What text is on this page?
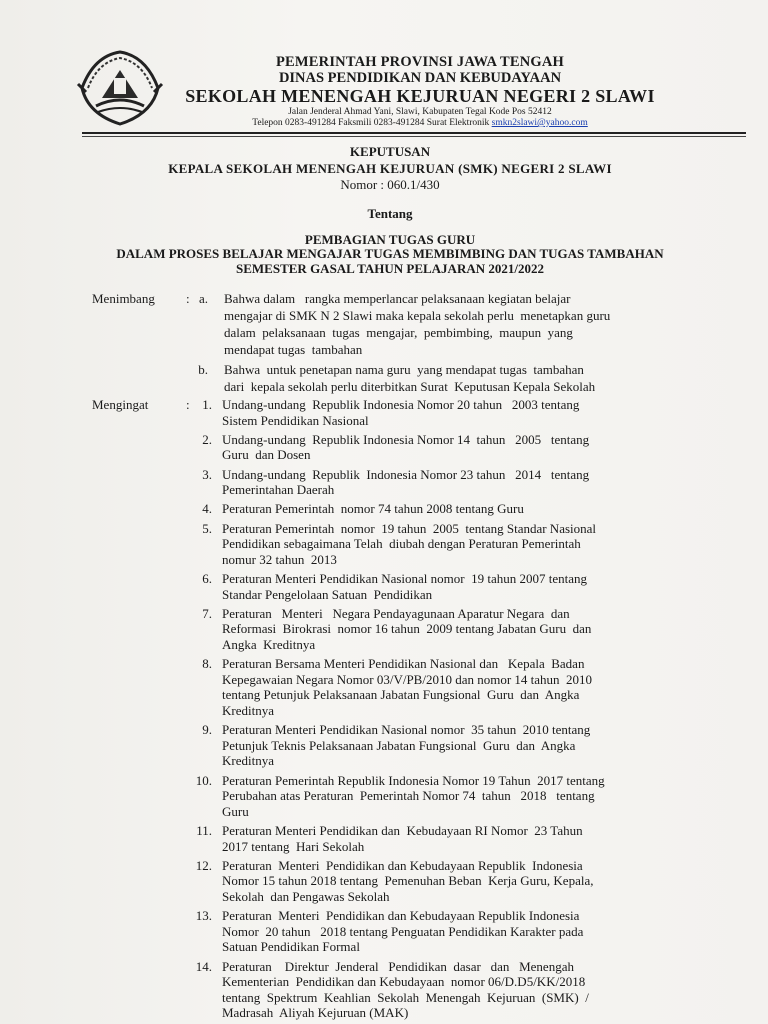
PEMERINTAH PROVINSI JAWA TENGAH
DINAS PENDIDIKAN DAN KEBUDAYAAN
SEKOLAH MENENGAH KEJURUAN NEGERI 2 SLAWI
Jalan Jenderal Ahmad Yani, Slawi, Kabupaten Tegal Kode Pos 52412
Telepon 0283-491284 Faksmili 0283-491284 Surat Elektronik smkn2slawi@yahoo.com
KEPUTUSAN
KEPALA SEKOLAH MENENGAH KEJURUAN (SMK) NEGERI 2 SLAWI
Nomor : 060.1/430
Tentang
PEMBAGIAN TUGAS GURU
DALAM PROSES BELAJAR MENGAJAR TUGAS MEMBIMBING DAN TUGAS TAMBAHAN
SEMESTER GASAL TAHUN PELAJARAN 2021/2022
Menimbang : a. Bahwa dalam   rangka memperlancar pelaksanaan kegiatan belajar
mengajar di SMK N 2 Slawi maka kepala sekolah perlu  menetapkan guru
dalam  pelaksanaan  tugas  mengajar,  pembimbing,  maupun  yang
mendapat tugas  tambahan
b. Bahwa  untuk penetapan nama guru  yang mendapat tugas  tambahan
dari  kepala sekolah perlu diterbitkan Surat  Keputusan Kepala Sekolah
Mengingat	: 1. Undang-undang  Republik Indonesia Nomor 20 tahun   2003 tentang
Sistem Pendidikan Nasional
2. Undang-undang  Republik Indonesia Nomor 14  tahun   2005   tentang
Guru  dan Dosen
3. Undang-undang  Republik  Indonesia Nomor 23 tahun   2014   tentang
Pemerintahan Daerah
4. Peraturan Pemerintah  nomor 74 tahun 2008 tentang Guru
5. Peraturan Pemerintah  nomor  19 tahun  2005  tentang Standar Nasional
Pendidikan sebagaimana Telah  diubah dengan Peraturan Pemerintah
nomur 32 tahun  2013
6. Peraturan Menteri Pendidikan Nasional nomor  19 tahun 2007 tentang
Standar Pengelolaan Satuan  Pendidikan
7. Peraturan   Menteri   Negara Pendayagunaan Aparatur Negara  dan
Reformasi  Birokrasi  nomor 16 tahun  2009 tentang Jabatan Guru  dan
Angka  Kreditnya
8. Peraturan Bersama Menteri Pendidikan Nasional dan   Kepala  Badan
Kepegawaian Negara Nomor 03/V/PB/2010 dan nomor 14 tahun  2010
tentang Petunjuk Pelaksanaan Jabatan Fungsional  Guru  dan  Angka
Kreditnya
9. Peraturan Menteri Pendidikan Nasional nomor  35 tahun  2010 tentang
Petunjuk Teknis Pelaksanaan Jabatan Fungsional  Guru  dan  Angka
Kreditnya
10. Peraturan Pemerintah Republik Indonesia Nomor 19 Tahun  2017 tentang
Perubahan atas Peraturan  Pemerintah Nomor 74  tahun   2018   tentang
Guru
11. Peraturan Menteri Pendidikan dan  Kebudayaan RI Nomor  23 Tahun
2017 tentang  Hari Sekolah
12. Peraturan  Menteri  Pendidikan dan Kebudayaan Republik  Indonesia
Nomor 15 tahun 2018 tentang  Pemenuhan Beban  Kerja Guru, Kepala,
Sekolah  dan Pengawas Sekolah
13. Peraturan  Menteri  Pendidikan dan Kebudayaan Republik Indonesia
Nomor  20 tahun   2018 tentang Penguatan Pendidikan Karakter pada
Satuan Pendidikan Formal
14. Peraturan    Direktur  Jenderal   Pendidikan  dasar   dan   Menengah
Kementerian  Pendidikan dan Kebudayaan  nomor 06/D.D5/KK/2018
tentang  Spektrum  Keahlian  Sekolah  Menengah  Kejuruan  (SMK)  /
Madrasah  Aliyah Kejuruan (MAK)
